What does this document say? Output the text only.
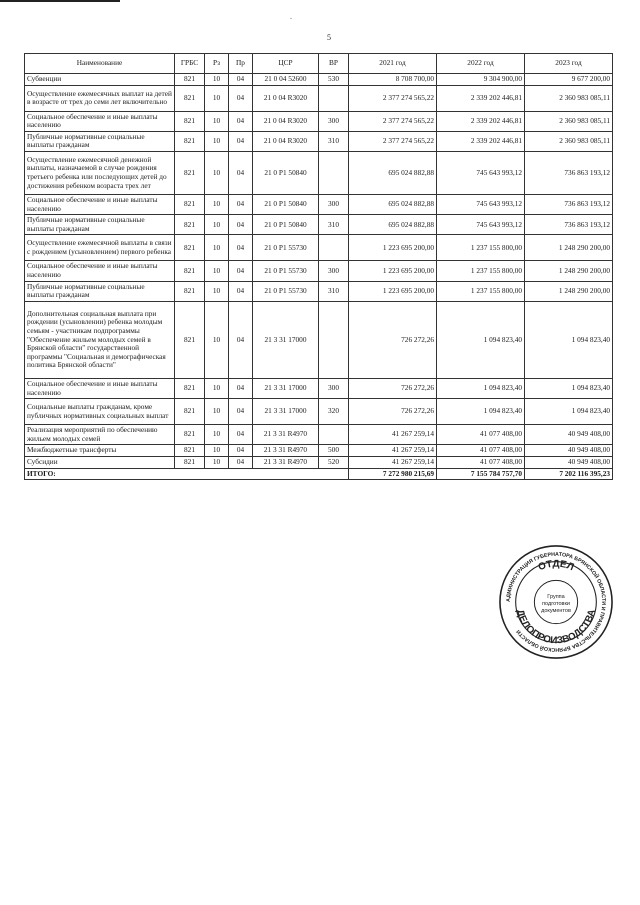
.
5
Наименование	ГРБС	Рз	Пр	ЦСР	ВР	2021 год	2022 год	2023 год
Субвенции	821	10	04	21 0 04 52600	530	8 708 700,00	9 304 900,00	9 677 200,00
Осуществление ежемесячных выплат на детей в возрасте от трех до семи лет включительно	821	10	04	21 0 04 R3020		2 377 274 565,22	2 339 202 446,81	2 360 983 085,11
Социальное обеспечение и иные выплаты населению	821	10	04	21 0 04 R3020	300	2 377 274 565,22	2 339 202 446,81	2 360 983 085,11
Публичные нормативные социальные выплаты гражданам	821	10	04	21 0 04 R3020	310	2 377 274 565,22	2 339 202 446,81	2 360 983 085,11
Осуществление ежемесячной денежной выплаты, назначаемой в случае рождения третьего ребенка или последующих детей до достижения ребенком возраста трех лет	821	10	04	21 0 P1 50840		695 024 882,88	745 643 993,12	736 863 193,12
Социальное обеспечение и иные выплаты населению	821	10	04	21 0 P1 50840	300	695 024 882,88	745 643 993,12	736 863 193,12
Публичные нормативные социальные выплаты гражданам	821	10	04	21 0 P1 50840	310	695 024 882,88	745 643 993,12	736 863 193,12
Осуществление ежемесячной выплаты в связи с рождением (усыновлением) первого ребенка	821	10	04	21 0 P1 55730		1 223 695 200,00	1 237 155 800,00	1 248 290 200,00
Социальное обеспечение и иные выплаты населению	821	10	04	21 0 P1 55730	300	1 223 695 200,00	1 237 155 800,00	1 248 290 200,00
Публичные нормативные социальные выплаты гражданам	821	10	04	21 0 P1 55730	310	1 223 695 200,00	1 237 155 800,00	1 248 290 200,00
Дополнительная социальная выплата при рождении (усыновлении) ребенка молодым семьям - участникам подпрограммы "Обеспечение жильем молодых семей в Брянской области" государственной программы "Социальная и демографическая политика Брянской области"	821	10	04	21 3 31 17000		726 272,26	1 094 823,40	1 094 823,40
Социальное обеспечение и иные выплаты населению	821	10	04	21 3 31 17000	300	726 272,26	1 094 823,40	1 094 823,40
Социальные выплаты гражданам, кроме публичных нормативных социальных выплат	821	10	04	21 3 31 17000	320	726 272,26	1 094 823,40	1 094 823,40
Реализация мероприятий по обеспечению жильем молодых семей	821	10	04	21 3 31 R4970		41 267 259,14	41 077 408,00	40 949 408,00
Межбюджетные трансферты	821	10	04	21 3 31 R4970	500	41 267 259,14	41 077 408,00	40 949 408,00
Субсидии	821	10	04	21 3 31 R4970	520	41 267 259,14	41 077 408,00	40 949 408,00
ИТОГО:						7 272 980 215,69	7 155 784 757,70	7 202 116 395,23
АДМИНИСТРАЦИЯ ГУБЕРНАТОРА БРЯНСКОЙ ОБЛАСТИ И ПРАВИТЕЛЬСТВА БРЯНСКОЙ ОБЛАСТИ
ОТДЕЛ
ДЕЛОПРОИЗВОДСТВА
Группа
подготовки
документов
